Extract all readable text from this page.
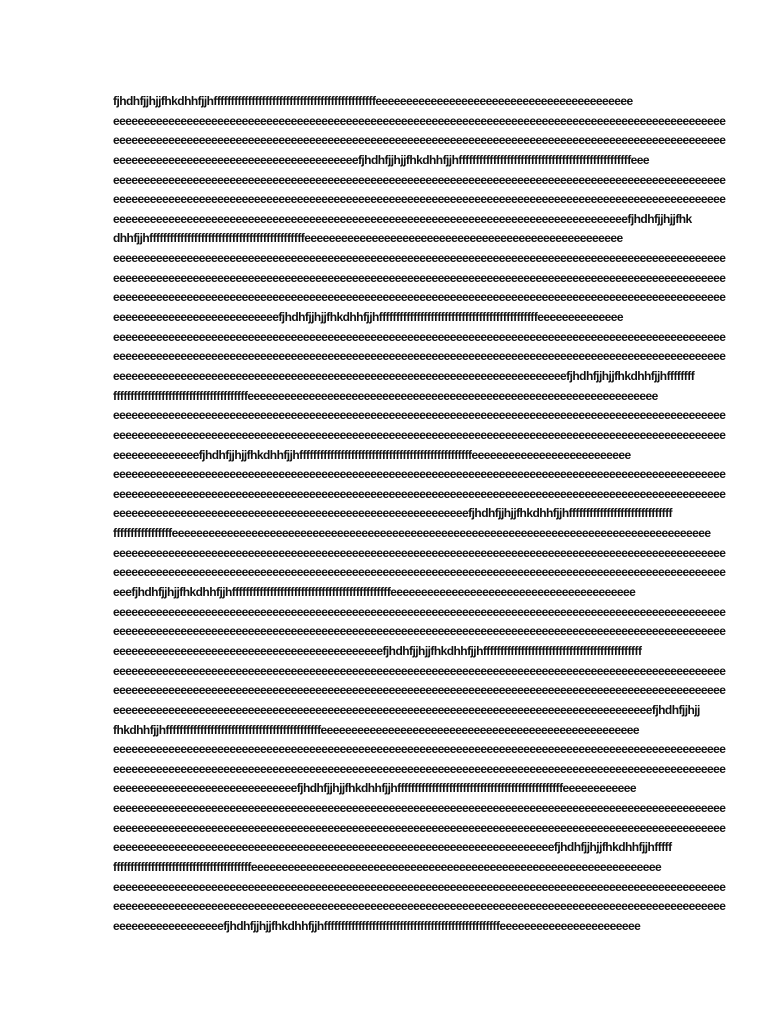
fjhdhfjjhjjfhkdhhfjjhfffffffffffffffffffffffffffffffffffffffffffffffeeeeeeeeeeeeeeeeeeeeeeeeeeeeeeeeeeeeeeeeee
eeeeeeeeeeeeeeeeeeeeeeeeeeeeeeeeeeeeeeeeeeeeeeeeeeeeeeeeeeeeeeeeeeeeeeeeeeeeeeeeeeeeeeeeeeeeeeeeeeee
eeeeeeeeeeeeeeeeeeeeeeeeeeeeeeeeeeeeeeeeeeeeeeeeeeeeeeeeeeeeeeeeeeeeeeeeeeeeeeeeeeeeeeeeeeeeeeeeeeee
eeeeeeeeeeeeeeeeeeeeeeeeeeeeeeeeeeeeeeeefjhdhfjjhjjfhkdhhfjjhffffffffffffffffffffffffffffffffffffffffffffffffffeee
eeeeeeeeeeeeeeeeeeeeeeeeeeeeeeeeeeeeeeeeeeeeeeeeeeeeeeeeeeeeeeeeeeeeeeeeeeeeeeeeeeeeeeeeeeeeeeeeeeee
eeeeeeeeeeeeeeeeeeeeeeeeeeeeeeeeeeeeeeeeeeeeeeeeeeeeeeeeeeeeeeeeeeeeeeeeeeeeeeeeeeeeeeeeeeeeeeeeeeee
eeeeeeeeeeeeeeeeeeeeeeeeeeeeeeeeeeeeeeeeeeeeeeeeeeeeeeeeeeeeeeeeeeeeeeeeeeeeeeeeeeeefjhdhfjjhjjfhk
dhhfjjhfffffffffffffffffffffffffffffffffffffffffffffeeeeeeeeeeeeeeeeeeeeeeeeeeeeeeeeeeeeeeeeeeeeeeeeeeee
eeeeeeeeeeeeeeeeeeeeeeeeeeeeeeeeeeeeeeeeeeeeeeeeeeeeeeeeeeeeeeeeeeeeeeeeeeeeeeeeeeeeeeeeeeeeeeeeeeee
eeeeeeeeeeeeeeeeeeeeeeeeeeeeeeeeeeeeeeeeeeeeeeeeeeeeeeeeeeeeeeeeeeeeeeeeeeeeeeeeeeeeeeeeeeeeeeeeeeee
eeeeeeeeeeeeeeeeeeeeeeeeeeeeeeeeeeeeeeeeeeeeeeeeeeeeeeeeeeeeeeeeeeeeeeeeeeeeeeeeeeeeeeeeeeeeeeeeeeee
eeeeeeeeeeeeeeeeeeeeeeeeeeefjhdhfjjhjjfhkdhhfjjhffffffffffffffffffffffffffffffffffffffffffffffeeeeeeeeeeeeee
eeeeeeeeeeeeeeeeeeeeeeeeeeeeeeeeeeeeeeeeeeeeeeeeeeeeeeeeeeeeeeeeeeeeeeeeeeeeeeeeeeeeeeeeeeeeeeeeeeee
eeeeeeeeeeeeeeeeeeeeeeeeeeeeeeeeeeeeeeeeeeeeeeeeeeeeeeeeeeeeeeeeeeeeeeeeeeeeeeeeeeeeeeeeeeeeeeeeeeee
eeeeeeeeeeeeeeeeeeeeeeeeeeeeeeeeeeeeeeeeeeeeeeeeeeeeeeeeeeeeeeeeeeeeeeeeeefjhdhfjjhjjfhkdhhfjjhffffffff
fffffffffffffffffffffffffffffffffffffffeeeeeeeeeeeeeeeeeeeeeeeeeeeeeeeeeeeeeeeeeeeeeeeeeeeeeeeeeeeeeeeeeee
eeeeeeeeeeeeeeeeeeeeeeeeeeeeeeeeeeeeeeeeeeeeeeeeeeeeeeeeeeeeeeeeeeeeeeeeeeeeeeeeeeeeeeeeeeeeeeeeeeee
eeeeeeeeeeeeeeeeeeeeeeeeeeeeeeeeeeeeeeeeeeeeeeeeeeeeeeeeeeeeeeeeeeeeeeeeeeeeeeeeeeeeeeeeeeeeeeeeeeee
eeeeeeeeeeeeeefjhdhfjjhjjfhkdhhfjjhffffffffffffffffffffffffffffffffffffffffffffffffffeeeeeeeeeeeeeeeeeeeeeeeeee
eeeeeeeeeeeeeeeeeeeeeeeeeeeeeeeeeeeeeeeeeeeeeeeeeeeeeeeeeeeeeeeeeeeeeeeeeeeeeeeeeeeeeeeeeeeeeeeeeeee
eeeeeeeeeeeeeeeeeeeeeeeeeeeeeeeeeeeeeeeeeeeeeeeeeeeeeeeeeeeeeeeeeeeeeeeeeeeeeeeeeeeeeeeeeeeeeeeeeeee
eeeeeeeeeeeeeeeeeeeeeeeeeeeeeeeeeeeeeeeeeeeeeeeeeeeeeeeeeefjhdhfjjhjjfhkdhhfjjhffffffffffffffffffffffffffffff
fffffffffffffffffeeeeeeeeeeeeeeeeeeeeeeeeeeeeeeeeeeeeeeeeeeeeeeeeeeeeeeeeeeeeeeeeeeeeeeeeeeeeeeeeeeeeeeee
eeeeeeeeeeeeeeeeeeeeeeeeeeeeeeeeeeeeeeeeeeeeeeeeeeeeeeeeeeeeeeeeeeeeeeeeeeeeeeeeeeeeeeeeeeeeeeeeeeee
eeeeeeeeeeeeeeeeeeeeeeeeeeeeeeeeeeeeeeeeeeeeeeeeeeeeeeeeeeeeeeeeeeeeeeeeeeeeeeeeeeeeeeeeeeeeeeeeeeee
eeefjhdhfjjhjjfhkdhhfjjhffffffffffffffffffffffffffffffffffffffffffffffeeeeeeeeeeeeeeeeeeeeeeeeeeeeeeeeeeeeeeee
eeeeeeeeeeeeeeeeeeeeeeeeeeeeeeeeeeeeeeeeeeeeeeeeeeeeeeeeeeeeeeeeeeeeeeeeeeeeeeeeeeeeeeeeeeeeeeeeeeee
eeeeeeeeeeeeeeeeeeeeeeeeeeeeeeeeeeeeeeeeeeeeeeeeeeeeeeeeeeeeeeeeeeeeeeeeeeeeeeeeeeeeeeeeeeeeeeeeeeee
eeeeeeeeeeeeeeeeeeeeeeeeeeeeeeeeeeeeeeeeeeeefjhdhfjjhjjfhkdhhfjjhffffffffffffffffffffffffffffffffffffffffffffff
eeeeeeeeeeeeeeeeeeeeeeeeeeeeeeeeeeeeeeeeeeeeeeeeeeeeeeeeeeeeeeeeeeeeeeeeeeeeeeeeeeeeeeeeeeeeeeeeeeee
eeeeeeeeeeeeeeeeeeeeeeeeeeeeeeeeeeeeeeeeeeeeeeeeeeeeeeeeeeeeeeeeeeeeeeeeeeeeeeeeeeeeeeeeeeeeeeeeeeee
eeeeeeeeeeeeeeeeeeeeeeeeeeeeeeeeeeeeeeeeeeeeeeeeeeeeeeeeeeeeeeeeeeeeeeeeeeeeeeeeeeeeeeeefjhdhfjjhjj
fhkdhhfjjhfffffffffffffffffffffffffffffffffffffffffffffeeeeeeeeeeeeeeeeeeeeeeeeeeeeeeeeeeeeeeeeeeeeeeeeeeee
eeeeeeeeeeeeeeeeeeeeeeeeeeeeeeeeeeeeeeeeeeeeeeeeeeeeeeeeeeeeeeeeeeeeeeeeeeeeeeeeeeeeeeeeeeeeeeeeeeee
eeeeeeeeeeeeeeeeeeeeeeeeeeeeeeeeeeeeeeeeeeeeeeeeeeeeeeeeeeeeeeeeeeeeeeeeeeeeeeeeeeeeeeeeeeeeeeeeeeee
eeeeeeeeeeeeeeeeeeeeeeeeeeeeeefjhdhfjjhjjfhkdhhfjjhffffffffffffffffffffffffffffffffffffffffffffffffeeeeeeeeeeee
eeeeeeeeeeeeeeeeeeeeeeeeeeeeeeeeeeeeeeeeeeeeeeeeeeeeeeeeeeeeeeeeeeeeeeeeeeeeeeeeeeeeeeeeeeeeeeeeeeee
eeeeeeeeeeeeeeeeeeeeeeeeeeeeeeeeeeeeeeeeeeeeeeeeeeeeeeeeeeeeeeeeeeeeeeeeeeeeeeeeeeeeeeeeeeeeeeeeeeee
eeeeeeeeeeeeeeeeeeeeeeeeeeeeeeeeeeeeeeeeeeeeeeeeeeeeeeeeeeeeeeeeeeeeeeeefjhdhfjjhjjfhkdhhfjjhfffff
ffffffffffffffffffffffffffffffffffffffffeeeeeeeeeeeeeeeeeeeeeeeeeeeeeeeeeeeeeeeeeeeeeeeeeeeeeeeeeeeeeeeeeee
eeeeeeeeeeeeeeeeeeeeeeeeeeeeeeeeeeeeeeeeeeeeeeeeeeeeeeeeeeeeeeeeeeeeeeeeeeeeeeeeeeeeeeeeeeeeeeeeeeee
eeeeeeeeeeeeeeeeeeeeeeeeeeeeeeeeeeeeeeeeeeeeeeeeeeeeeeeeeeeeeeeeeeeeeeeeeeeeeeeeeeeeeeeeeeeeeeeeeeee
eeeeeeeeeeeeeeeeeefjhdhfjjhjjfhkdhhfjjhfffffffffffffffffffffffffffffffffffffffffffffffffffeeeeeeeeeeeeeeeeeeeeeee
